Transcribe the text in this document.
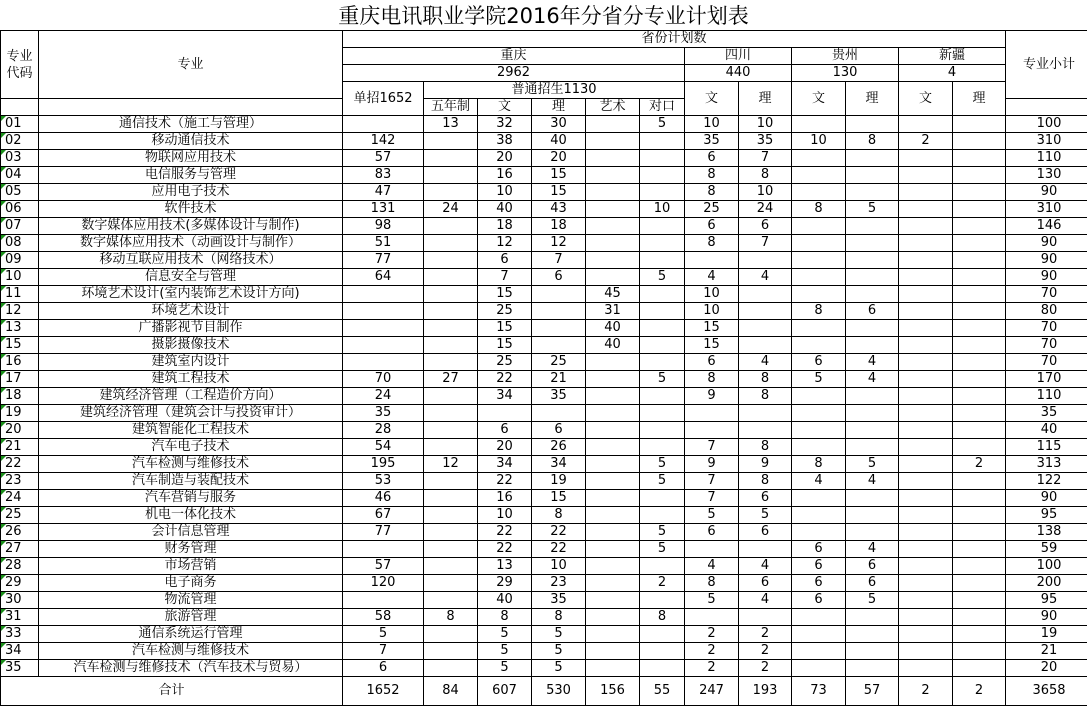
重庆电讯职业学院2016年分省分专业计划表
专业
代码	专业	省份计划数												专业小计
		重庆						四川		贵州		新疆		
		2962						440		130		4		
		单招1652	普通招生1130					文	理	文	理	文	理	
			五年制	文	理	艺术	对口							

01	通信技术（施工与管理）		13	32	30		5	10	10					100

02	移动通信技术	142		38	40			35	35	10	8	2		310

03	物联网应用技术	57		20	20			6	7					110

04	电信服务与管理	83		16	15			8	8					130

05	应用电子技术	47		10	15			8	10					90

06	软件技术	131	24	40	43		10	25	24	8	5			310

07	数字媒体应用技术(多媒体设计与制作)	98		18	18			6	6					146

08	数字媒体应用技术（动画设计与制作）	51		12	12			8	7					90

09	移动互联应用技术（网络技术）	77		6	7									90

10	信息安全与管理	64		7	6		5	4	4					90

11	环境艺术设计(室内装饰艺术设计方向)			15		45		10						70

12	环境艺术设计			25		31		10		8	6			80

13	广播影视节目制作			15		40		15						70

15	摄影摄像技术			15		40		15						70

16	建筑室内设计			25	25			6	4	6	4			70

17	建筑工程技术	70	27	22	21		5	8	8	5	4			170

18	建筑经济管理（工程造价方向）	24		34	35			9	8					110

19	建筑经济管理（建筑会计与投资审计）	35												35

20	建筑智能化工程技术	28		6	6									40

21	汽车电子技术	54		20	26			7	8					115

22	汽车检测与维修技术	195	12	34	34		5	9	9	8	5		2	313

23	汽车制造与装配技术	53		22	19		5	7	8	4	4			122

24	汽车营销与服务	46		16	15			7	6					90

25	机电一体化技术	67		10	8			5	5					95

26	会计信息管理	77		22	22		5	6	6					138

27	财务管理			22	22		5			6	4			59

28	市场营销	57		13	10			4	4	6	6			100

29	电子商务	120		29	23		2	8	6	6	6			200

30	物流管理			40	35			5	4	6	5			95

31	旅游管理	58	8	8	8		8							90

33	通信系统运行管理	5		5	5			2	2					19

34	汽车检测与维修技术	7		5	5			2	2					21

35	汽车检测与维修技术（汽车技术与贸易）	6		5	5			2	2					20
合计		1652	84	607	530	156	55	247	193	73	57	2	2	3658
